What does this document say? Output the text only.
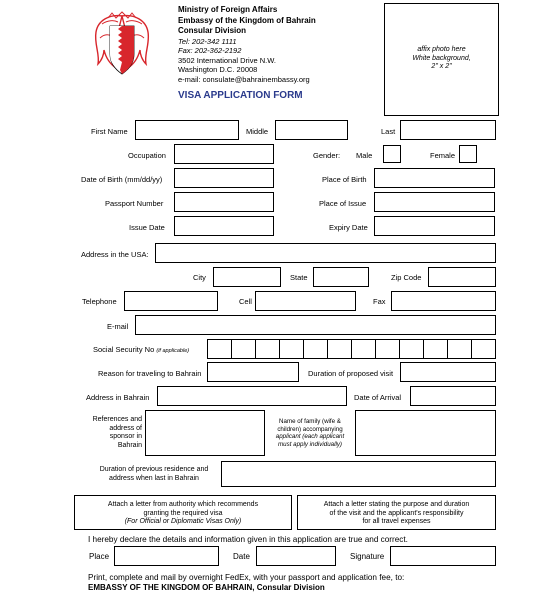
Ministry of Foreign Affairs
Embassy of the Kingdom of Bahrain
Consular Division
Tel: 202-342 1111
Fax: 202-362-2192
3502 International Drive N.W.
Washington D.C. 20008
e-mail: consulate@bahrainembassy.org
VISA APPLICATION FORM
affix photo here
White background,
2" x 2"
First Name	Middle	Last
Occupation	Gender: Male	Female
Date of Birth (mm/dd/yy)	Place of Birth
Passport Number	Place of Issue
Issue Date	Expiry Date
Address in the USA:
City	State	Zip Code
Telephone	Cell	Fax
E-mail
Social Security No (if applicable)
Reason for traveling to Bahrain	Duration of proposed visit
Address in Bahrain	Date of Arrival
References and
address of
sponsor in
Bahrain
Name of family (wife &
children) accompanying
applicant (each applicant
must apply individually)
Duration of previous residence and
address when last in Bahrain
Attach a letter from authority which recommends
granting the required visa
(For Official or Diplomatic Visas Only)
Attach a letter stating the purpose and duration
of the visit and the applicant's responsibility
for all travel expenses
I hereby declare the details and information given in this application are true and correct.
Place	Date	Signature
Print, complete and mail by overnight FedEx, with your passport and application fee, to:
EMBASSY OF THE KINGDOM OF BAHRAIN, Consular Division
